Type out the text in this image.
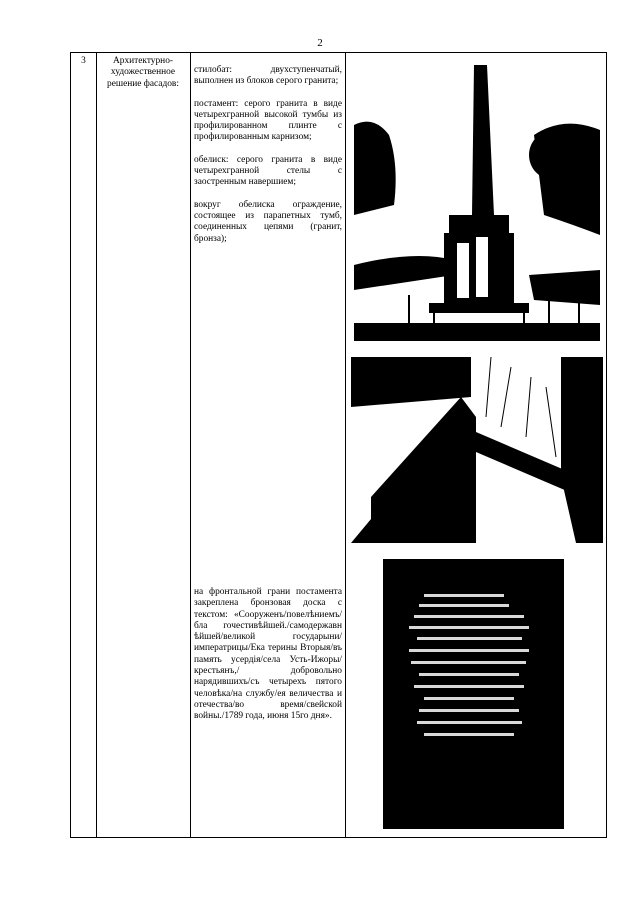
2
3	Архитектурно-художественное решение фасадов:

стилобат: двухступенчатый, выполнен из блоков серого гранита;

постамент: серого гранита в виде четырехгранной высокой тумбы из профилированном плинте с профилированным карнизом;

обелиск: серого гранита в виде четырехгранной стелы с заостренным навершием;

вокруг обелиска ограждение, состоящее из парапетных тумб, соединенных цепями (гранит, бронза);

на фронтальной грани постамента закреплена бронзовая доска с текстом: «Сооруженъ/повелѣниемъ/бла гочестивѣйшей./самодержавн ѣйшей/великой государыни/императрицы/Ека терины Вторыя/въ память усердія/села Усть-Ижоры/крестьянъ,/ добровольно нарядившихъ/съ четырехъ пятого человѣка/на службу/ея величества и отечества/во время/свейской войны./1789 года, июня 15го дня».
